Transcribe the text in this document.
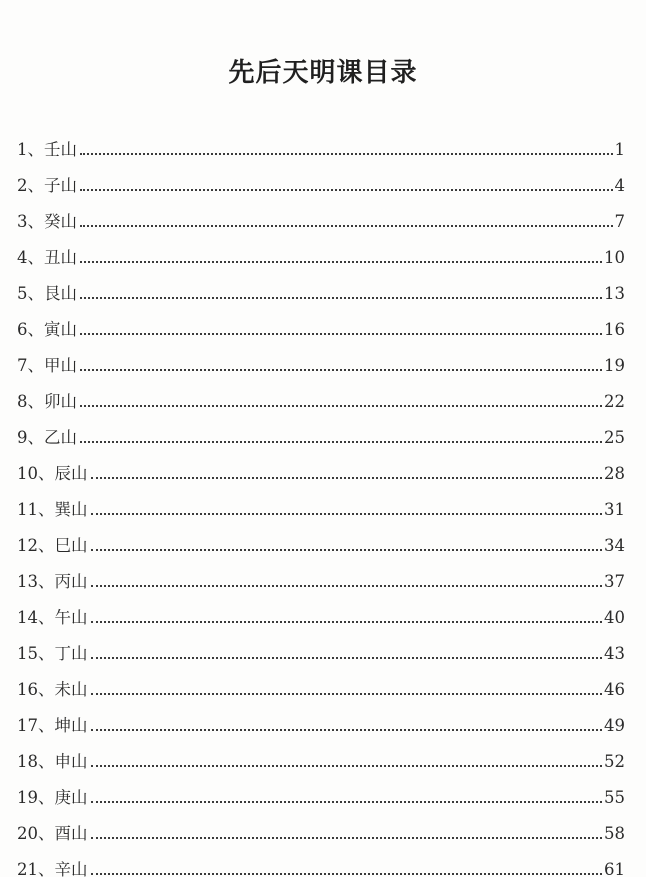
先后天明课目录
1、 壬山	1
2、 子山	4
3、 癸山	7
4、 丑山	10
5、 艮山	13
6、 寅山	16
7、 甲山	19
8、 卯山	22
9、 乙山	25
10、 辰山	28
11、 巽山	31
12、 巳山	34
13、 丙山	37
14、 午山	40
15、 丁山	43
16、 未山	46
17、 坤山	49
18、 申山	52
19、 庚山	55
20、 酉山	58
21、 辛山	61
